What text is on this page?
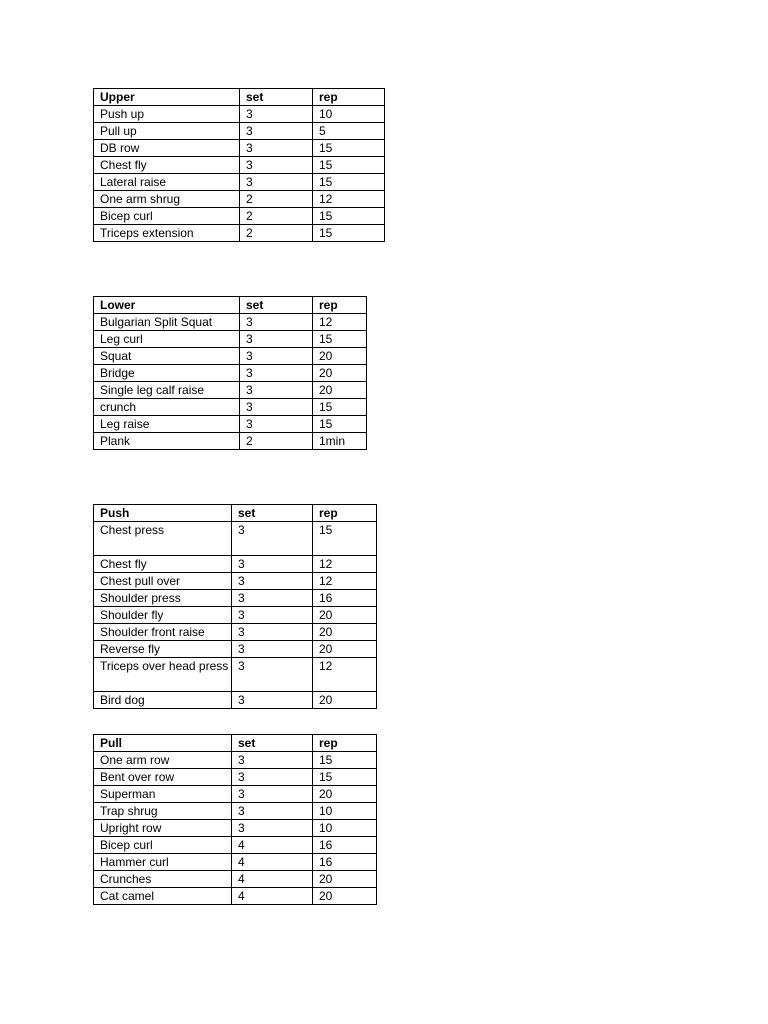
Upper	set	rep
Push up	3	10
Pull up	3	5
DB row	3	15
Chest fly	3	15
Lateral raise	3	15
One arm shrug	2	12
Bicep curl	2	15
Triceps extension	2	15
Lower	set	rep
Bulgarian Split Squat	3	12
Leg curl	3	15
Squat	3	20
Bridge	3	20
Single leg calf raise	3	20
crunch	3	15
Leg raise	3	15
Plank	2	1min
Push	set	rep
Chest press	3	15
Chest fly	3	12
Chest pull over	3	12
Shoulder press	3	16
Shoulder fly	3	20
Shoulder front raise	3	20
Reverse fly	3	20
Triceps over head press	3	12
Bird dog	3	20
Pull	set	rep
One arm row	3	15
Bent over row	3	15
Superman	3	20
Trap shrug	3	10
Upright row	3	10
Bicep curl	4	16
Hammer curl	4	16
Crunches	4	20
Cat camel	4	20
